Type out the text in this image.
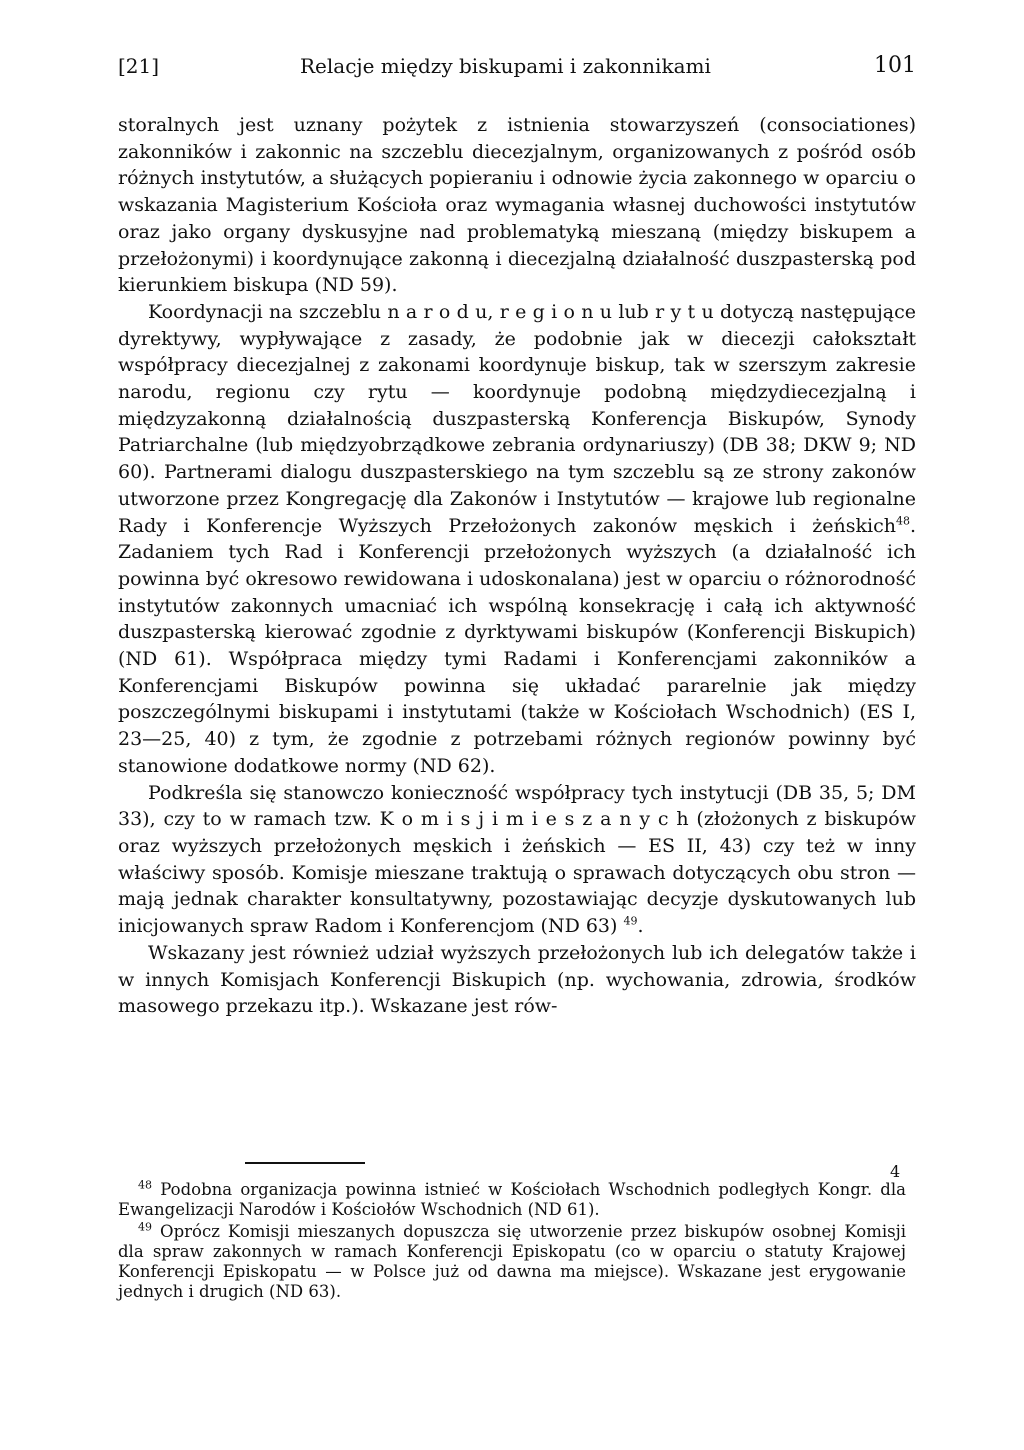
[21]	Relacje między biskupami i zakonnikami	101

storalnych jest uznany pożytek z istnienia stowarzyszeń (consociationes) zakonników i zakonnic na szczeblu diecezjalnym, organizowanych z pośród osób różnych instytutów, a służących popieraniu i odnowie życia zakonnego w oparciu o wskazania Magisterium Kościoła oraz wymagania własnej duchowości instytutów oraz jako organy dyskusyjne nad problematyką mieszaną (między biskupem a przełożonymi) i koordynujące zakonną i diecezjalną działalność duszpasterską pod kierunkiem biskupa (ND 59).

Koordynacji na szczeblu n a r o d u, r e g i o n u lub r y t u dotyczą następujące dyrektywy, wypływające z zasady, że podobnie jak w diecezji całokształt współpracy diecezjalnej z zakonami koordynuje biskup, tak w szerszym zakresie narodu, regionu czy rytu — koordynuje podobną międzydiecezjalną i międzyzakonną działalnością duszpasterską Konferencja Biskupów, Synody Patriarchalne (lub międzyobrządkowe zebrania ordynariuszy) (DB 38; DKW 9; ND 60). Partnerami dialogu duszpasterskiego na tym szczeblu są ze strony zakonów utworzone przez Kongregację dla Zakonów i Instytutów — krajowe lub regionalne Rady i Konferencje Wyższych Przełożonych zakonów męskich i żeńskich$^{48}$. Zadaniem tych Rad i Konferencji przełożonych wyższych (a działalność ich powinna być okresowo rewidowana i udoskonalana) jest w oparciu o różnorodność instytutów zakonnych umacniać ich wspólną konsekrację i całą ich aktywność duszpasterską kierować zgodnie z dyrktywami biskupów (Konferencji Biskupich) (ND 61). Współpraca między tymi Radami i Konferencjami zakonników a Konferencjami Biskupów powinna się układać pararelnie jak między poszczególnymi biskupami i instytutami (także w Kościołach Wschodnich) (ES I, 23—25, 40) z tym, że zgodnie z potrzebami różnych regionów powinny być stanowione dodatkowe normy (ND 62).

Podkreśla się stanowczo konieczność współpracy tych instytucji (DB 35, 5; DM 33), czy to w ramach tzw. K o m i s j i m i e s z a n y c h (złożonych z biskupów oraz wyższych przełożonych męskich i żeńskich — ES II, 43) czy też w inny właściwy sposób. Komisje mieszane traktują o sprawach dotyczących obu stron — mają jednak charakter konsultatywny, pozostawiając decyzje dyskutowanych lub inicjowanych spraw Radom i Konferencjom (ND 63) $^{49}$.

Wskazany jest również udział wyższych przełożonych lub ich delegatów także i w innych Komisjach Konferencji Biskupich (np. wychowania, zdrowia, środków masowego przekazu itp.). Wskazane jest rów-

4

$^{48}$ Podobna organizacja powinna istnieć w Kościołach Wschodnich podległych Kongr. dla Ewangelizacji Narodów i Kościołów Wschodnich (ND 61).

$^{49}$ Oprócz Komisji mieszanych dopuszcza się utworzenie przez biskupów osobnej Komisji dla spraw zakonnych w ramach Konferencji Episkopatu (co w oparciu o statuty Krajowej Konferencji Episkopatu — w Polsce już od dawna ma miejsce). Wskazane jest erygowanie jednych i drugich (ND 63).
